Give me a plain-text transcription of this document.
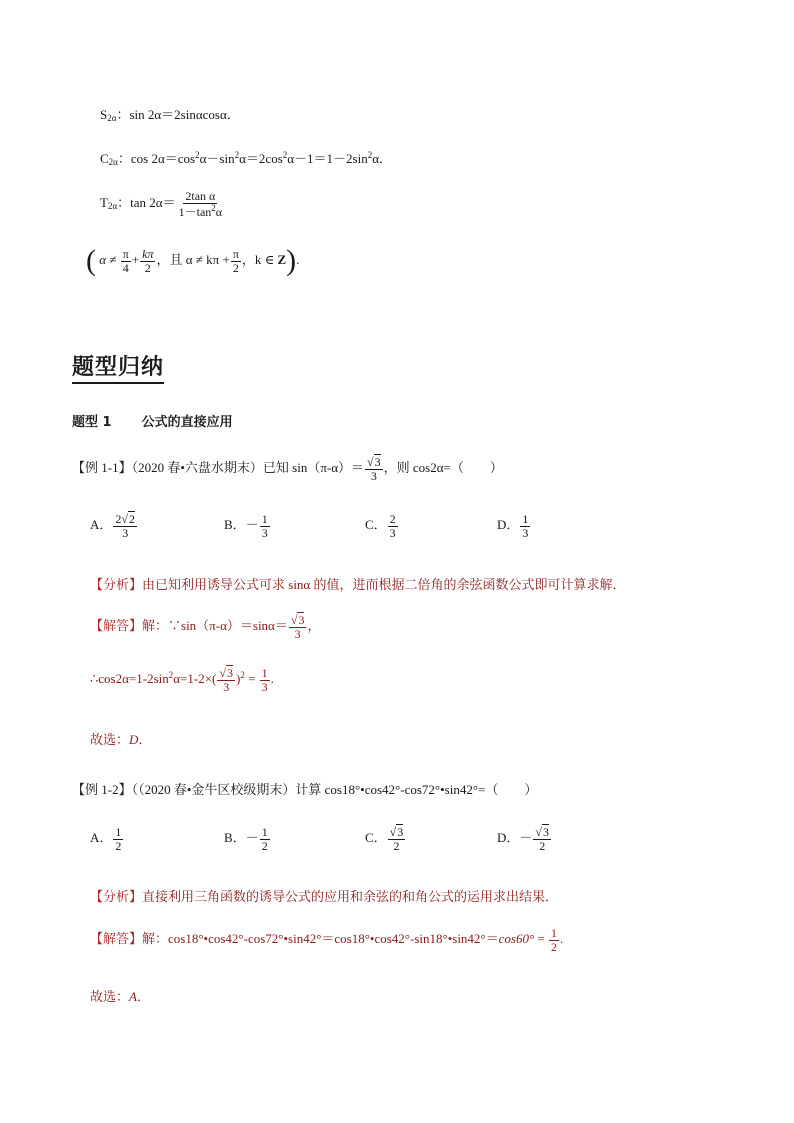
$S_{2\alpha}$：sin 2α＝2sinαcosα．
$C_{2\alpha}$：$\cos 2\alpha=\cos^2\alpha-\sin^2\alpha=2\cos^2\alpha-1=1-2\sin^2\alpha$．
$T_{2\alpha}$：$\tan 2\alpha= \frac{\text{2tan α}}{1-\tan^2\alpha}$
( $\alpha \ne \frac{\pi}{4} + \frac{k\pi}{2}$ ，且 $\alpha \ne k\pi + \frac{\pi}{2}$ ，k ∈ Z).
题型归纳
题型 1 公式的直接应用
【例 1-1】（2020 春•六盘水期末）已知 $\sin(\pi-\alpha)= \frac{√3}{3}$ ，则 cos2α=（　　）
A． $\frac{2√2}{3}$	B．－ $\frac{1}{3}$	C． $\frac{2}{3}$	D． $\frac{1}{3}$
【分析】由已知利用诱导公式可求 sinα 的值，进而根据二倍角的余弦函数公式即可计算求解．
【解答】解：∵sin（π-α）＝sinα＝ $\frac{√3}{3}$ ，
$\therefore\cos 2\alpha=1-2\sin^2\alpha=1-2\times( \frac{√3}{3} )^2 = \frac{1}{3}$ .
故选：D．
【例 1-2】（（2020 春•金牛区校级期末）计算 cos18°•cos42°-cos72°•sin42°=（　　）
A． $\frac{1}{2}$	B．－ $\frac{1}{2}$	C． $\frac{√3}{2}$	D．－ $\frac{√3}{2}$
【分析】直接利用三角函数的诱导公式的应用和余弦的和角公式的运用求出结果．
【解答】解：cos18°•cos42°-cos72°•sin42°＝cos18°•cos42°-sin18°•sin42°＝cos60° = $\frac{1}{2}$ .
故选：A．
